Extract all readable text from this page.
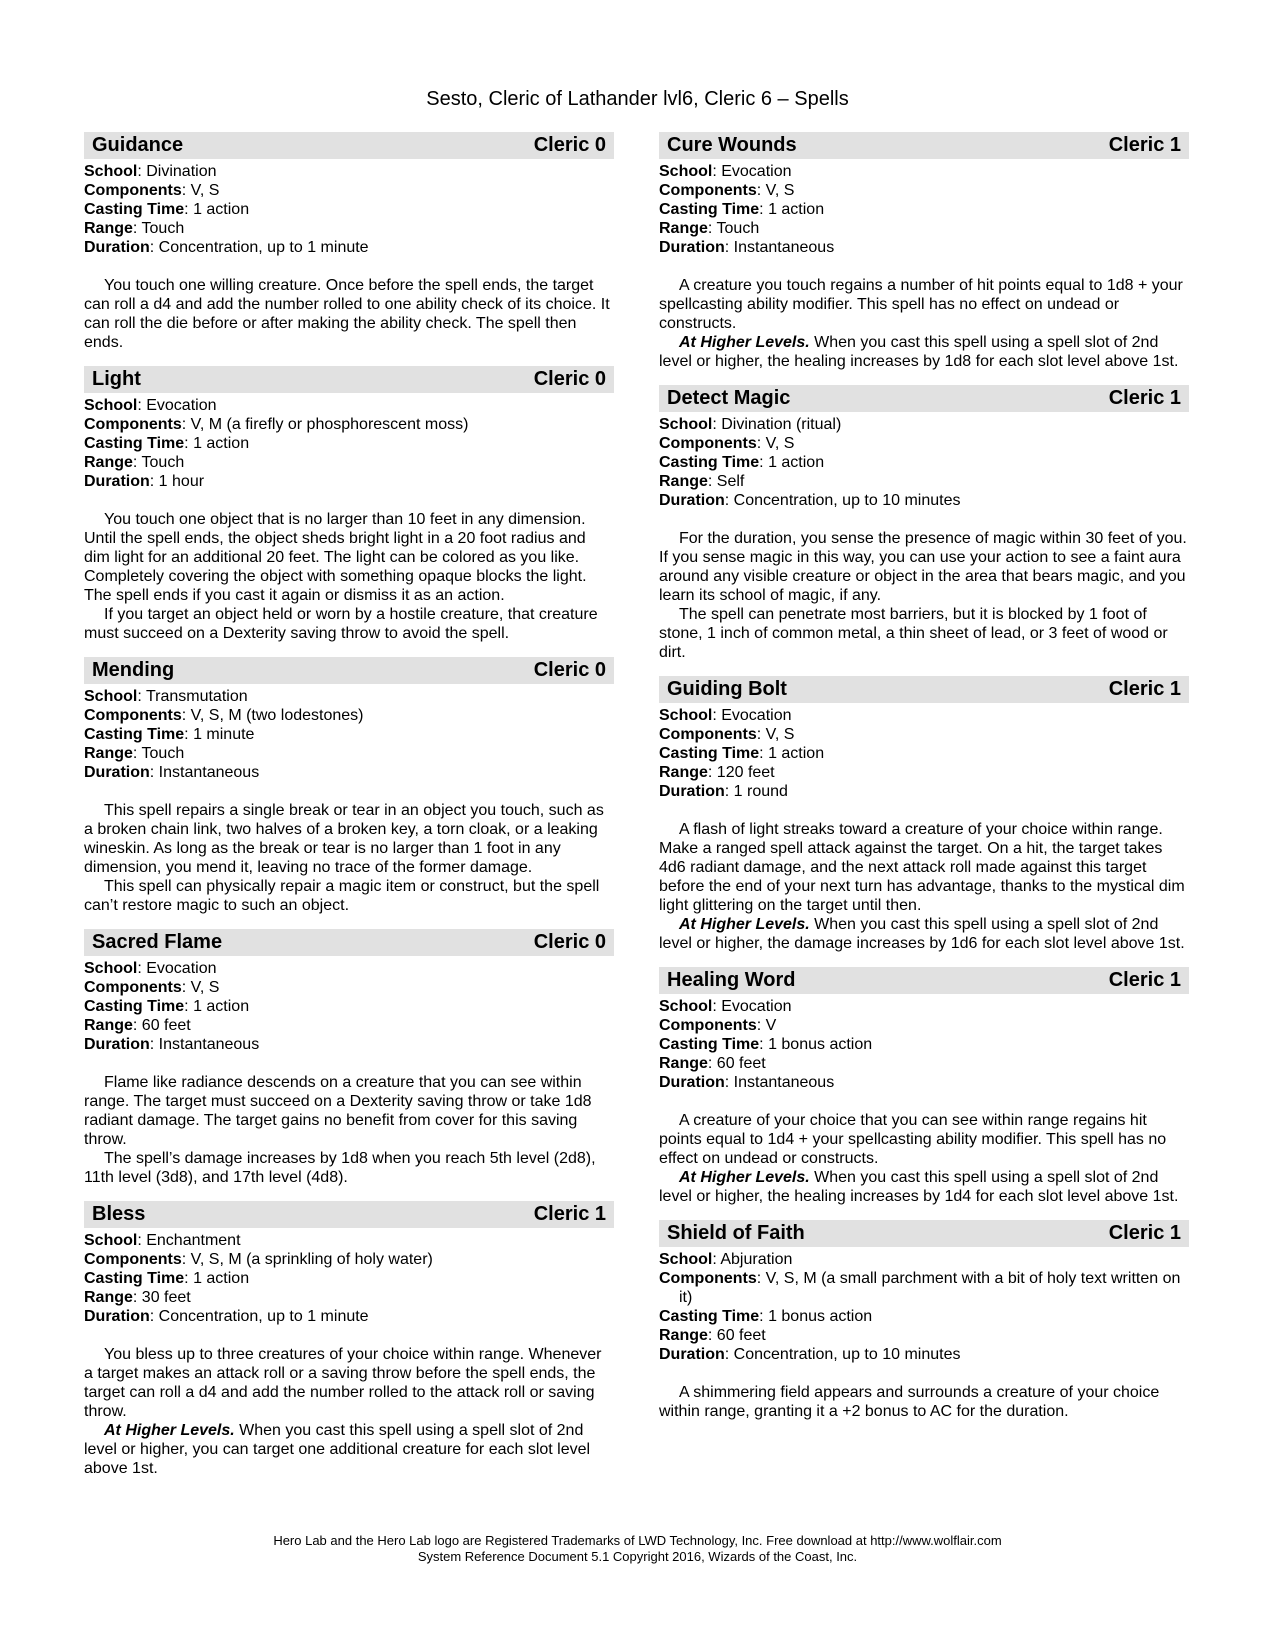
Sesto, Cleric of Lathander lvl6, Cleric 6 – Spells
Guidance	Cleric 0
School: Divination
Components: V, S
Casting Time: 1 action
Range: Touch
Duration: Concentration, up to 1 minute
You touch one willing creature. Once before the spell ends, the target can roll a d4 and add the number rolled to one ability check of its choice. It can roll the die before or after making the ability check. The spell then ends.
Light	Cleric 0
School: Evocation
Components: V, M (a firefly or phosphorescent moss)
Casting Time: 1 action
Range: Touch
Duration: 1 hour
You touch one object that is no larger than 10 feet in any dimension. Until the spell ends, the object sheds bright light in a 20 foot radius and dim light for an additional 20 feet. The light can be colored as you like. Completely covering the object with something opaque blocks the light. The spell ends if you cast it again or dismiss it as an action.
If you target an object held or worn by a hostile creature, that creature must succeed on a Dexterity saving throw to avoid the spell.
Mending	Cleric 0
School: Transmutation
Components: V, S, M (two lodestones)
Casting Time: 1 minute
Range: Touch
Duration: Instantaneous
This spell repairs a single break or tear in an object you touch, such as a broken chain link, two halves of a broken key, a torn cloak, or a leaking wineskin. As long as the break or tear is no larger than 1 foot in any dimension, you mend it, leaving no trace of the former damage.
This spell can physically repair a magic item or construct, but the spell can’t restore magic to such an object.
Sacred Flame	Cleric 0
School: Evocation
Components: V, S
Casting Time: 1 action
Range: 60 feet
Duration: Instantaneous
Flame like radiance descends on a creature that you can see within range. The target must succeed on a Dexterity saving throw or take 1d8 radiant damage. The target gains no benefit from cover for this saving throw.
The spell’s damage increases by 1d8 when you reach 5th level (2d8), 11th level (3d8), and 17th level (4d8).
Bless	Cleric 1
School: Enchantment
Components: V, S, M (a sprinkling of holy water)
Casting Time: 1 action
Range: 30 feet
Duration: Concentration, up to 1 minute
You bless up to three creatures of your choice within range. Whenever a target makes an attack roll or a saving throw before the spell ends, the target can roll a d4 and add the number rolled to the attack roll or saving throw.
At Higher Levels. When you cast this spell using a spell slot of 2nd level or higher, you can target one additional creature for each slot level above 1st.
Cure Wounds	Cleric 1
School: Evocation
Components: V, S
Casting Time: 1 action
Range: Touch
Duration: Instantaneous
A creature you touch regains a number of hit points equal to 1d8 + your spellcasting ability modifier. This spell has no effect on undead or constructs.
At Higher Levels. When you cast this spell using a spell slot of 2nd level or higher, the healing increases by 1d8 for each slot level above 1st.
Detect Magic	Cleric 1
School: Divination (ritual)
Components: V, S
Casting Time: 1 action
Range: Self
Duration: Concentration, up to 10 minutes
For the duration, you sense the presence of magic within 30 feet of you. If you sense magic in this way, you can use your action to see a faint aura around any visible creature or object in the area that bears magic, and you learn its school of magic, if any.
The spell can penetrate most barriers, but it is blocked by 1 foot of stone, 1 inch of common metal, a thin sheet of lead, or 3 feet of wood or dirt.
Guiding Bolt	Cleric 1
School: Evocation
Components: V, S
Casting Time: 1 action
Range: 120 feet
Duration: 1 round
A flash of light streaks toward a creature of your choice within range. Make a ranged spell attack against the target. On a hit, the target takes 4d6 radiant damage, and the next attack roll made against this target before the end of your next turn has advantage, thanks to the mystical dim light glittering on the target until then.
At Higher Levels. When you cast this spell using a spell slot of 2nd level or higher, the damage increases by 1d6 for each slot level above 1st.
Healing Word	Cleric 1
School: Evocation
Components: V
Casting Time: 1 bonus action
Range: 60 feet
Duration: Instantaneous
A creature of your choice that you can see within range regains hit points equal to 1d4 + your spellcasting ability modifier. This spell has no effect on undead or constructs.
At Higher Levels. When you cast this spell using a spell slot of 2nd level or higher, the healing increases by 1d4 for each slot level above 1st.
Shield of Faith	Cleric 1
School: Abjuration
Components: V, S, M (a small parchment with a bit of holy text written on it)
Casting Time: 1 bonus action
Range: 60 feet
Duration: Concentration, up to 10 minutes
A shimmering field appears and surrounds a creature of your choice within range, granting it a +2 bonus to AC for the duration.
Hero Lab and the Hero Lab logo are Registered Trademarks of LWD Technology, Inc. Free download at http://www.wolflair.com
System Reference Document 5.1 Copyright 2016, Wizards of the Coast, Inc.
